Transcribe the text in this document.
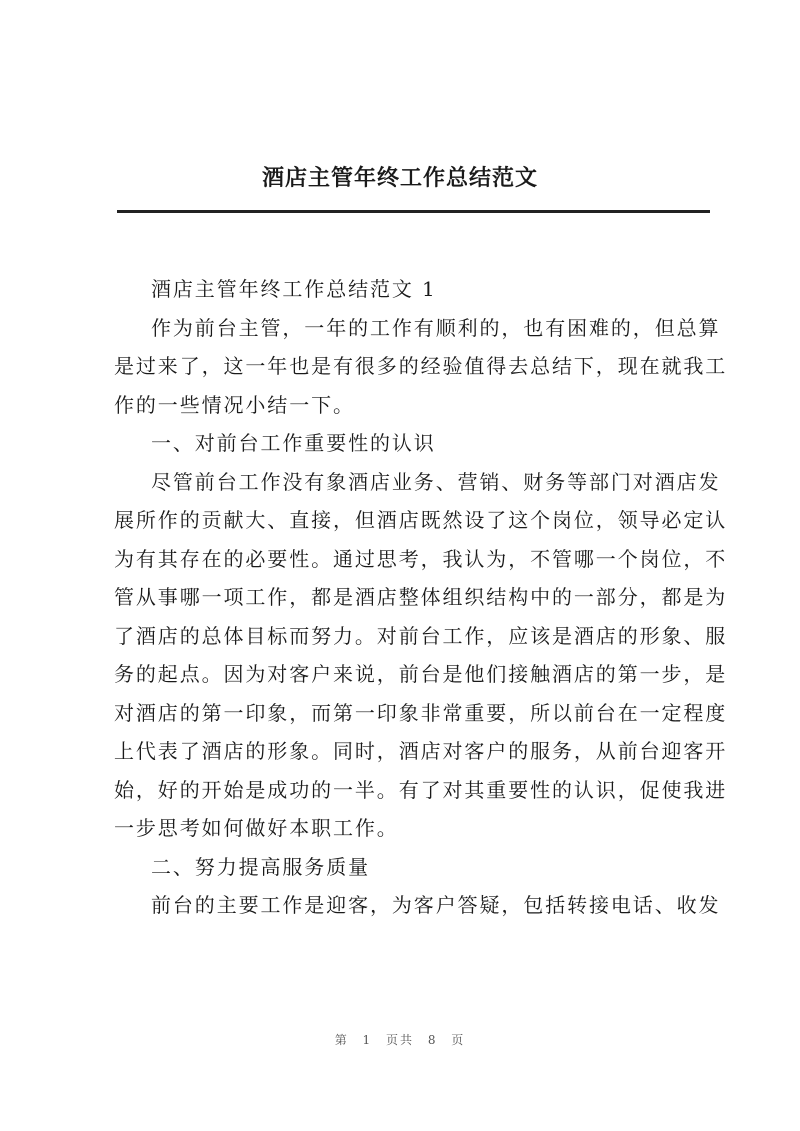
酒店主管年终工作总结范文
酒店主管年终工作总结范文 1
作为前台主管，一年的工作有顺利的，也有困难的，但总算
是过来了，这一年也是有很多的经验值得去总结下，现在就我工
作的一些情况小结一下。
一、对前台工作重要性的认识
尽管前台工作没有象酒店业务、营销、财务等部门对酒店发
展所作的贡献大、直接，但酒店既然设了这个岗位，领导必定认
为有其存在的必要性。通过思考，我认为，不管哪一个岗位，不
管从事哪一项工作，都是酒店整体组织结构中的一部分，都是为
了酒店的总体目标而努力。对前台工作，应该是酒店的形象、服
务的起点。因为对客户来说，前台是他们接触酒店的第一步，是
对酒店的第一印象，而第一印象非常重要，所以前台在一定程度
上代表了酒店的形象。同时，酒店对客户的服务，从前台迎客开
始，好的开始是成功的一半。有了对其重要性的认识，促使我进
一步思考如何做好本职工作。
二、努力提高服务质量
前台的主要工作是迎客，为客户答疑，包括转接电话、收发
第 1 页共 8 页
